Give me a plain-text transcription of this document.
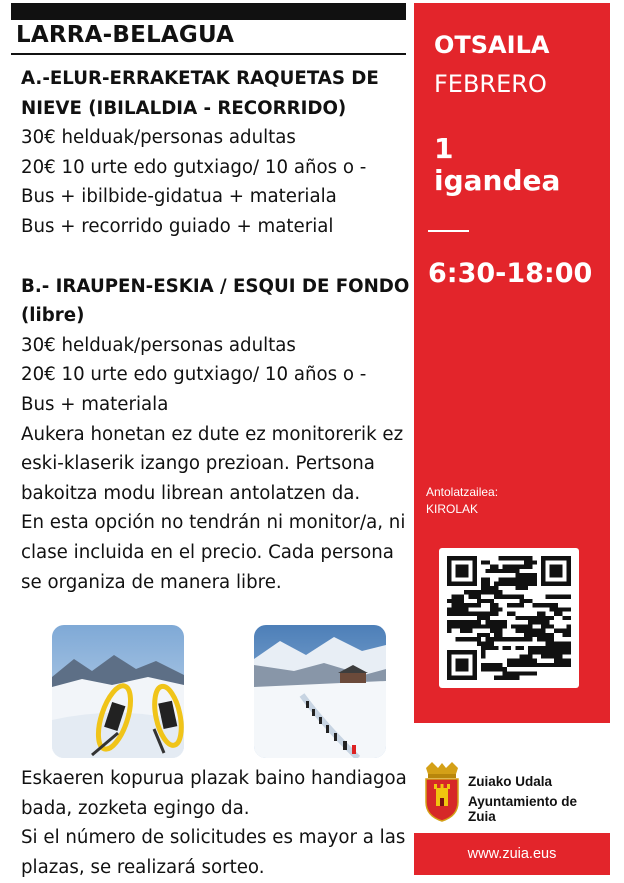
LARRA-BELAGUA
A.-ELUR-ERRAKETAK RAQUETAS DE NIEVE (IBILALDIA - RECORRIDO)
30€ helduak/personas adultas
20€ 10 urte edo gutxiago/ 10 años o -
Bus + ibilbide-gidatua + materiala
Bus + recorrido guiado + material
B.- IRAUPEN-ESKIA / ESQUI DE FONDO (libre)
30€ helduak/personas adultas
20€ 10 urte edo gutxiago/ 10 años o -
Bus + materiala
Aukera honetan ez dute ez monitorerik ez eski-klaserik izango prezioan. Pertsona bakoitza modu librean antolatzen da.
En esta opción no tendrán ni monitor/a, ni clase incluida en el precio. Cada persona se organiza de manera libre.
Eskaeren kopurua plazak baino handiagoa bada, zozketa egingo da.
Si el número de solicitudes es mayor a las plazas, se realizará sorteo.
OTSAILA
FEBRERO
1
igandea
6:30-18:00
Antolatzailea:
KIROLAK
Zuiako Udala
Ayuntamiento de Zuia
www.zuia.eus
